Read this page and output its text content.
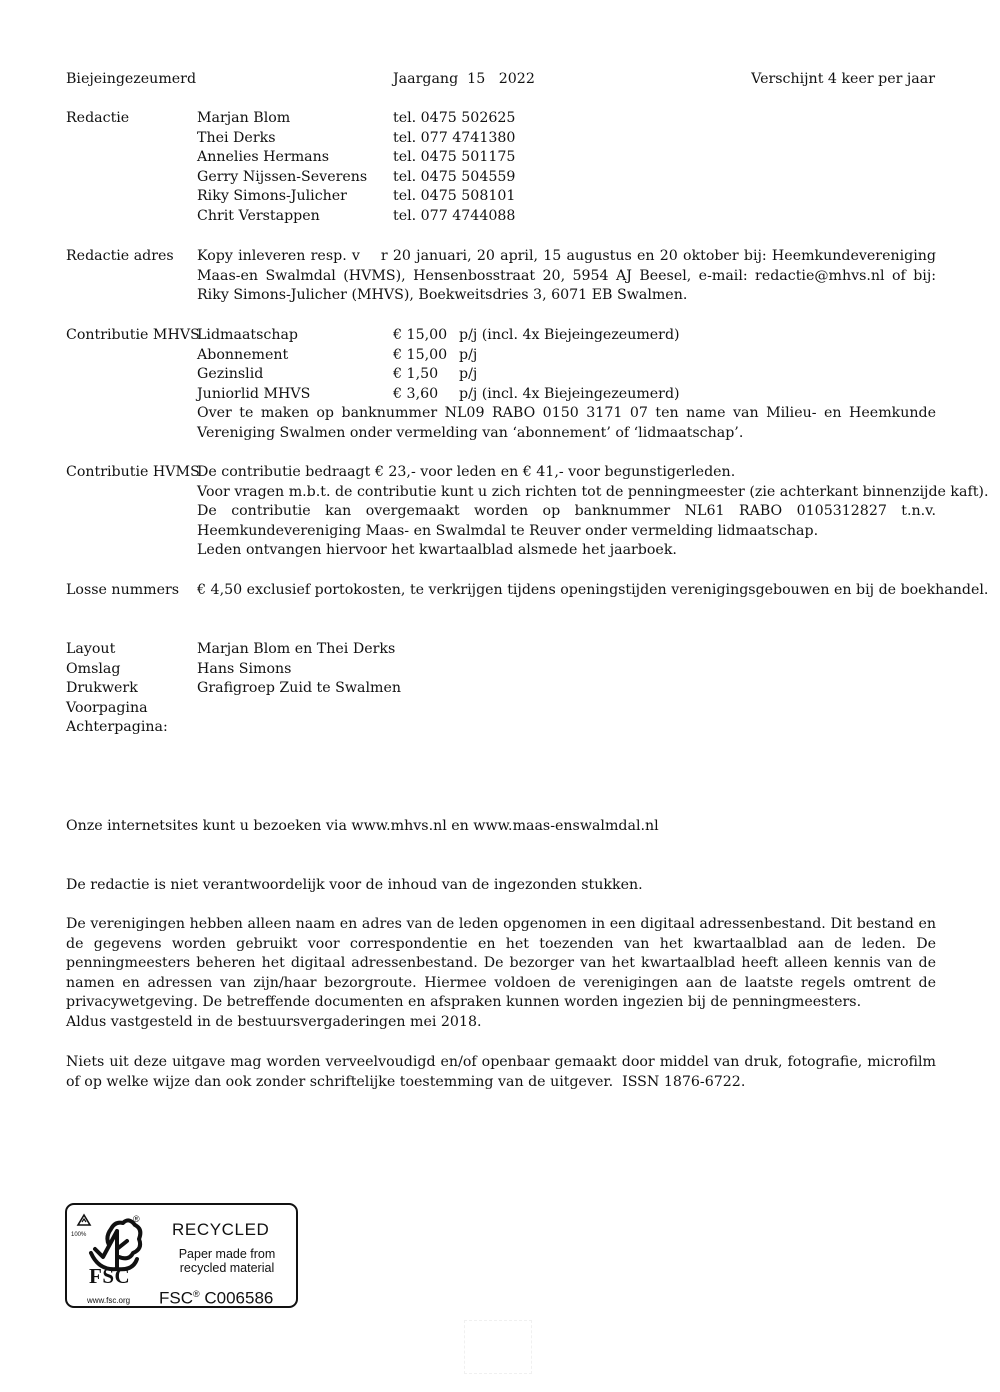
Biejeingezeumerd	Jaargang  15   2022	Verschijnt 4 keer per jaar
Redactie	Marjan Blom	tel. 0475 502625
Thei Derks	tel. 077 4741380
Annelies Hermans	tel. 0475 501175
Gerry Nijssen-Severens tel. 0475 504559
Riky Simons-Julicher	tel. 0475 508101
Chrit Verstappen	tel. 077 4744088
Redactie adres Kopy inleveren resp. v    r 20 januari, 20 april, 15 augustus en 20 oktober bij: Heemkundevereniging Maas-en Swalmdal (HVMS), Hensenbosstraat 20, 5954 AJ Beesel, e-mail: redactie@mhvs.nl of bij: Riky Simons-Julicher (MHVS), Boekweitsdries 3, 6071 EB Swalmen.
Contributie MHVS
Lidmaatschap	€ 15,00 p/j (incl. 4x Biejeingezeumerd)
Abonnement	€ 15,00 p/j
Gezinslid	€ 1,50 p/j
Juniorlid MHVS	€ 3,60 p/j (incl. 4x Biejeingezeumerd)
Over te maken op banknummer NL09 RABO 0150 3171 07 ten name van Milieu- en Heemkunde Vereniging Swalmen onder vermelding van ‘abonnement’ of ‘lidmaatschap’.
Contributie HVMS
De contributie bedraagt € 23,- voor leden en € 41,- voor begunstigerleden.
Voor vragen m.b.t. de contributie kunt u zich richten tot de penningmeester (zie achterkant binnenzijde kaft).
De contributie kan overgemaakt worden op banknummer NL61 RABO 0105312827 t.n.v. Heemkundevereniging Maas- en Swalmdal te Reuver onder vermelding lidmaatschap.
Leden ontvangen hiervoor het kwartaalblad alsmede het jaarboek.
Losse nummers € 4,50 exclusief portokosten, te verkrijgen tijdens openingstijden verenigingsgebouwen en bij de boekhandel.
Layout	Marjan Blom en Thei Derks
Omslag	Hans Simons
Drukwerk	Grafigroep Zuid te Swalmen
Voorpagina
Achterpagina:
Onze internetsites kunt u bezoeken via www.mhvs.nl en www.maas-enswalmdal.nl
De redactie is niet verantwoordelijk voor de inhoud van de ingezonden stukken.
De verenigingen hebben alleen naam en adres van de leden opgenomen in een digitaal adressenbestand. Dit bestand en de gegevens worden gebruikt voor correspondentie en het toezenden van het kwartaalblad aan de leden. De penningmeesters beheren het digitaal adressenbestand. De bezorger van het kwartaalblad heeft alleen kennis van de namen en adressen van zijn/haar bezorgroute. Hiermee voldoen de verenigingen aan de laatste regels omtrent de privacywetgeving. De betreffende documenten en afspraken kunnen worden ingezien bij de penningmeesters.
Aldus vastgesteld in de bestuursvergaderingen mei 2018.
Niets uit deze uitgave mag worden verveelvoudigd en/of openbaar gemaakt door middel van druk, fotografie, microfilm of op welke wijze dan ook zonder schriftelijke toestemming van de uitgever.  ISSN 1876-6722.
100%
®
FSC
www.fsc.org
RECYCLED
Paper made from recycled material
FSC® C006586
